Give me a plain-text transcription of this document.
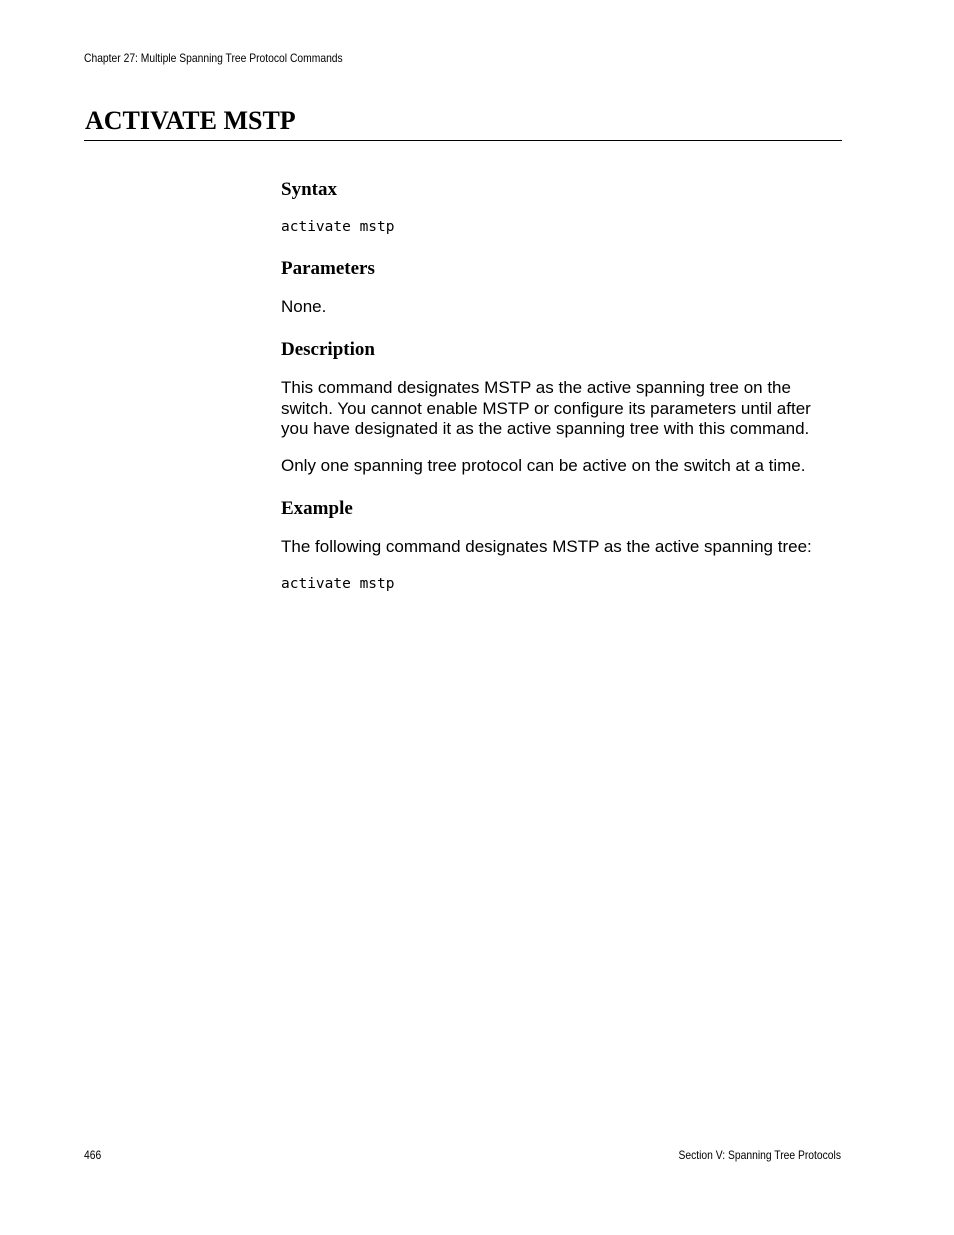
Chapter 27: Multiple Spanning Tree Protocol Commands
ACTIVATE MSTP
Syntax
activate mstp
Parameters

None.

Description

This command designates MSTP as the active spanning tree on the switch. You cannot enable MSTP or configure its parameters until after you have designated it as the active spanning tree with this command.

Only one spanning tree protocol can be active on the switch at a time.

Example

The following command designates MSTP as the active spanning tree:

activate mstp
466	Section V: Spanning Tree Protocols
